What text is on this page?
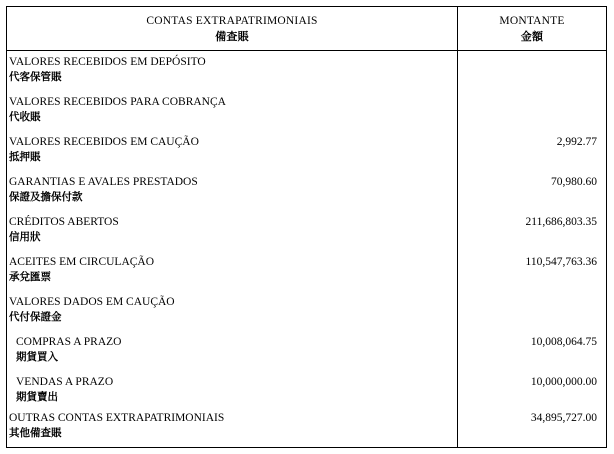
CONTAS EXTRAPATRIMONIAIS
備查賬
MONTANTE
金額
VALORES RECEBIDOS EM DEPÓSITO
代客保管賬
VALORES RECEBIDOS PARA COBRANÇA
代收賬
VALORES RECEBIDOS EM CAUÇÃO
抵押賬
2,992.77
GARANTIAS E AVALES PRESTADOS
保證及擔保付款
70,980.60
CRÉDITOS ABERTOS
信用狀
211,686,803.35
ACEITES EM CIRCULAÇÃO
承兌匯票
110,547,763.36
VALORES DADOS EM CAUÇÃO
代付保證金
COMPRAS A PRAZO
期貨買入
10,008,064.75
VENDAS A PRAZO
期貨賣出
10,000,000.00
OUTRAS CONTAS EXTRAPATRIMONIAIS
其他備查賬
34,895,727.00
